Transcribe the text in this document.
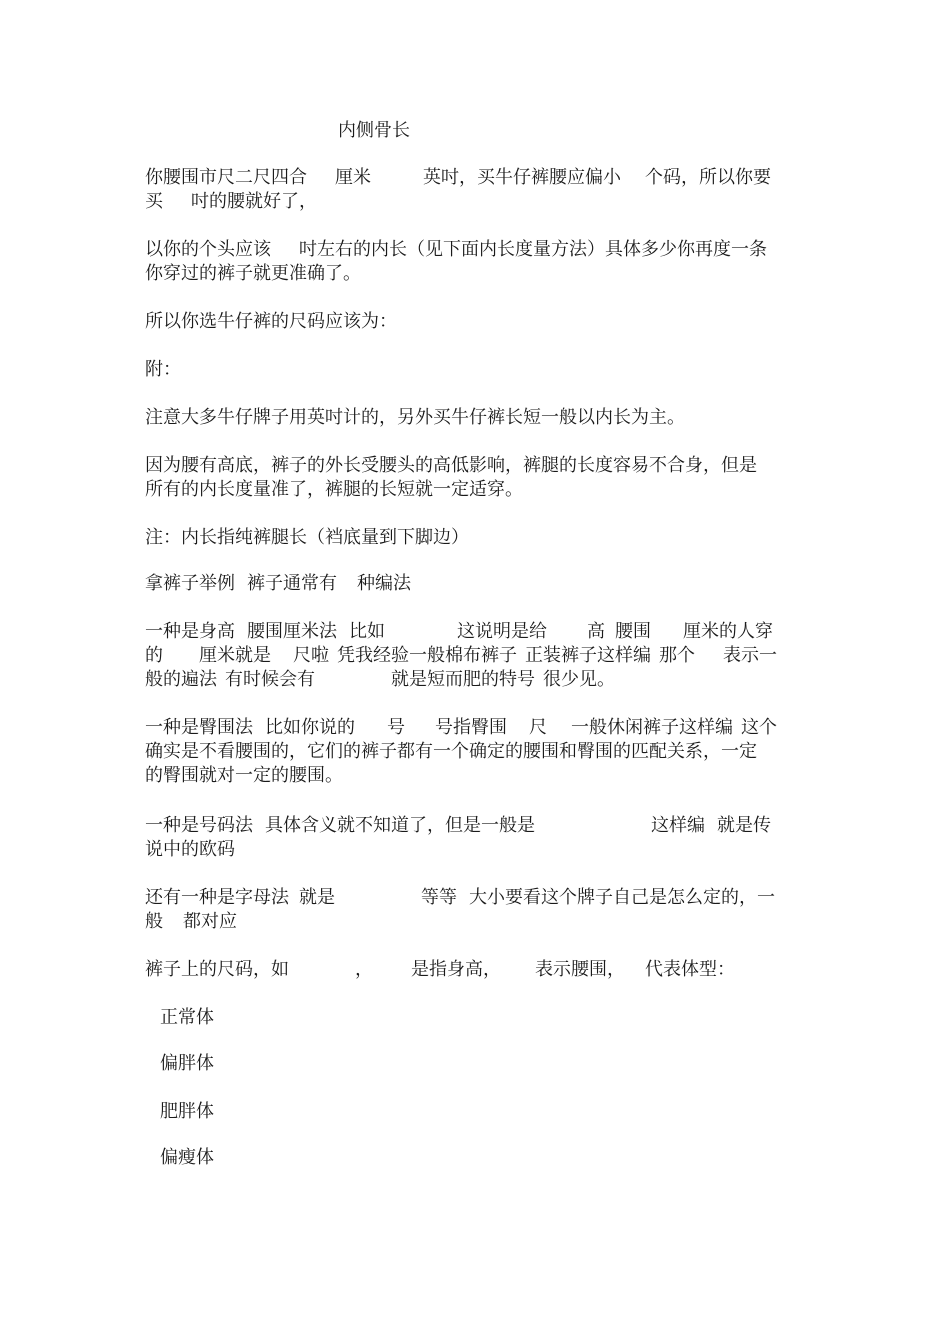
内侧骨长
你腰围市尺二尺四合 厘米	英吋，买牛仔裤腰应偏小 个码，所以你要
买 吋的腰就好了，
以你的个头应该 吋左右的内长（见下面内长度量方法）具体多少你再度一条
你穿过的裤子就更准确了。
所以你选牛仔裤的尺码应该为：
附：
注意大多牛仔牌子用英吋计的，另外买牛仔裤长短一般以内长为主。
因为腰有高底，裤子的外长受腰头的高低影响，裤腿的长度容易不合身，但是
所有的内长度量准了，裤腿的长短就一定适穿。
注：内长指纯裤腿长（裆底量到下脚边）
拿裤子举例 裤子通常有 种编法
一种是身高 腰围厘米法 比如	这说明是给 高 腰围 厘米的人穿
的 厘米就是 尺啦 凭我经验一般棉布裤子 正装裤子这样编 那个 表示一
般的遍法 有时候会有	就是短而肥的特号 很少见。
一种是臀围法 比如你说的 号 号指臀围 尺 一般休闲裤子这样编 这个
确实是不看腰围的，它们的裤子都有一个确定的腰围和臀围的匹配关系，一定
的臀围就对一定的腰围。
一种是号码法 具体含义就不知道了，但是一般是	这样编 就是传
说中的欧码
还有一种是字母法 就是	等等 大小要看这个牌子自己是怎么定的，一
般 都对应
裤子上的尺码，如	， 是指身高， 表示腰围， 代表体型：
正常体
偏胖体
肥胖体
偏瘦体
